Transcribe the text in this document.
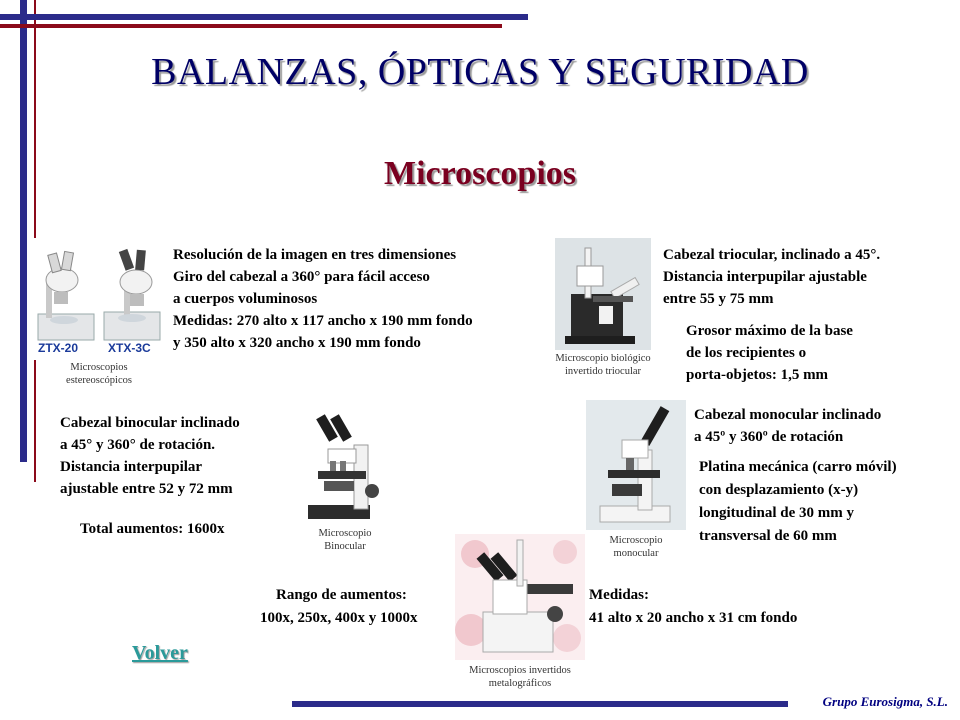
BALANZAS, ÓPTICAS Y SEGURIDAD
Microscopios
ZTX-20 XTX-3C
Microscopios
estereoscópicos
Resolución de la imagen en tres dimensiones
Giro del cabezal a 360° para fácil acceso
a cuerpos voluminosos
Medidas: 270 alto x 117 ancho x 190 mm fondo
y 350 alto x 320 ancho x 190 mm fondo
Microscopio biológico
invertido triocular
Cabezal triocular, inclinado a 45°.
Distancia interpupilar ajustable
entre 55 y 75 mm
Grosor máximo de la base
de los recipientes o
porta-objetos: 1,5 mm
Cabezal binocular inclinado
a 45° y 360° de rotación.
Distancia interpupilar
ajustable entre 52 y 72 mm
Total aumentos: 1600x	Microscopio
Binocular
Microscopio
monocular
Cabezal monocular inclinado
a 45º y 360º de rotación
Platina mecánica (carro móvil)
con desplazamiento (x-y)
longitudinal de 30 mm y
transversal de 60 mm
Microscopios invertidos
metalográficos
Rango de aumentos:
100x, 250x, 400x y 1000x
Medidas:
41 alto x 20 ancho x 31 cm fondo
Volver
Grupo Eurosigma, S.L.
